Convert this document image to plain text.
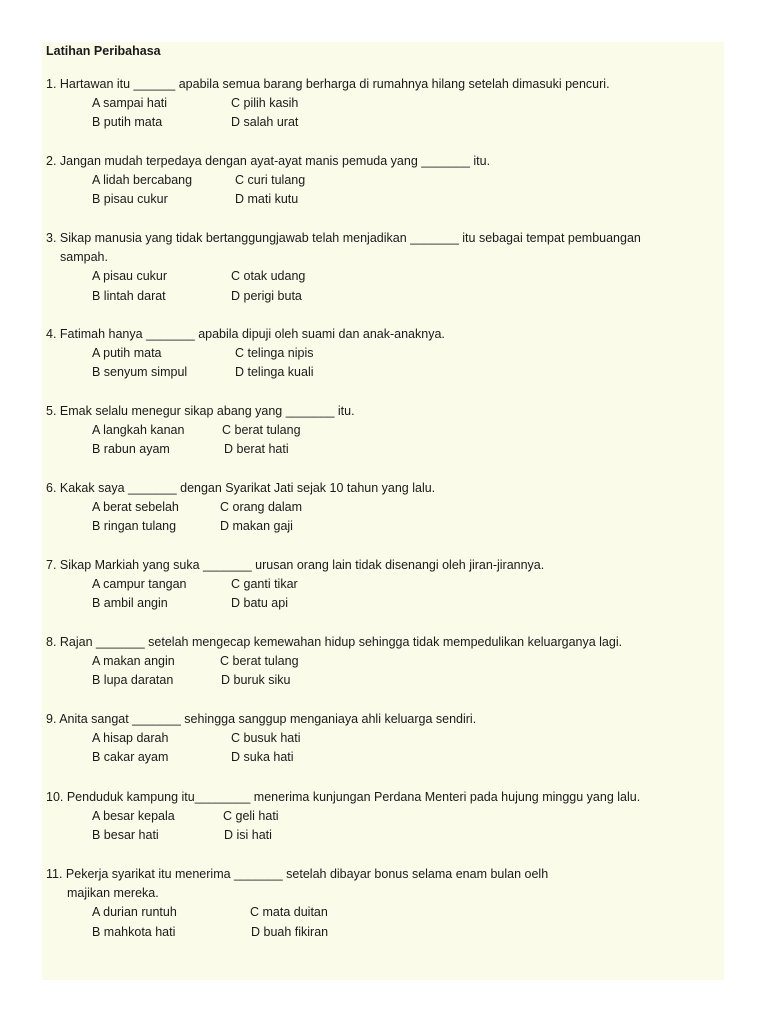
Latihan Peribahasa
1. Hartawan itu ______ apabila semua barang berharga di rumahnya hilang setelah dimasuki pencuri.
A sampai hati	C pilih kasih
B putih mata	D salah urat
2. Jangan mudah terpedaya dengan ayat-ayat manis pemuda yang _______ itu.
A lidah bercabang	C curi tulang
B pisau cukur	D mati kutu
3. Sikap manusia yang tidak bertanggungjawab telah menjadikan _______ itu sebagai tempat pembuangan
sampah.
A pisau cukur	C otak udang
B lintah darat	D perigi buta
4. Fatimah hanya _______ apabila dipuji oleh suami dan anak-anaknya.
A putih mata	C telinga nipis
B senyum simpul	D telinga kuali
5. Emak selalu menegur sikap abang yang _______ itu.
A langkah kanan	C berat tulang
B rabun ayam	D berat hati
6. Kakak saya _______ dengan Syarikat Jati sejak 10 tahun yang lalu.
A berat sebelah	C orang dalam
B ringan tulang	D makan gaji
7. Sikap Markiah yang suka _______ urusan orang lain tidak disenangi oleh jiran-jirannya.
A campur tangan	C ganti tikar
B ambil angin	D batu api
8. Rajan _______ setelah mengecap kemewahan hidup sehingga tidak mempedulikan keluarganya lagi.
A makan angin	C berat tulang
B lupa daratan	D buruk siku
9. Anita sangat _______ sehingga sanggup menganiaya ahli keluarga sendiri.
A hisap darah	C busuk hati
B cakar ayam	D suka hati
10. Penduduk kampung itu________ menerima kunjungan Perdana Menteri pada hujung minggu yang lalu.
A besar kepala	C geli hati
B besar hati	D isi hati
11. Pekerja syarikat itu menerima _______ setelah dibayar bonus selama enam bulan oelh
majikan mereka.
A durian runtuh	C mata duitan
B mahkota hati	D buah fikiran
